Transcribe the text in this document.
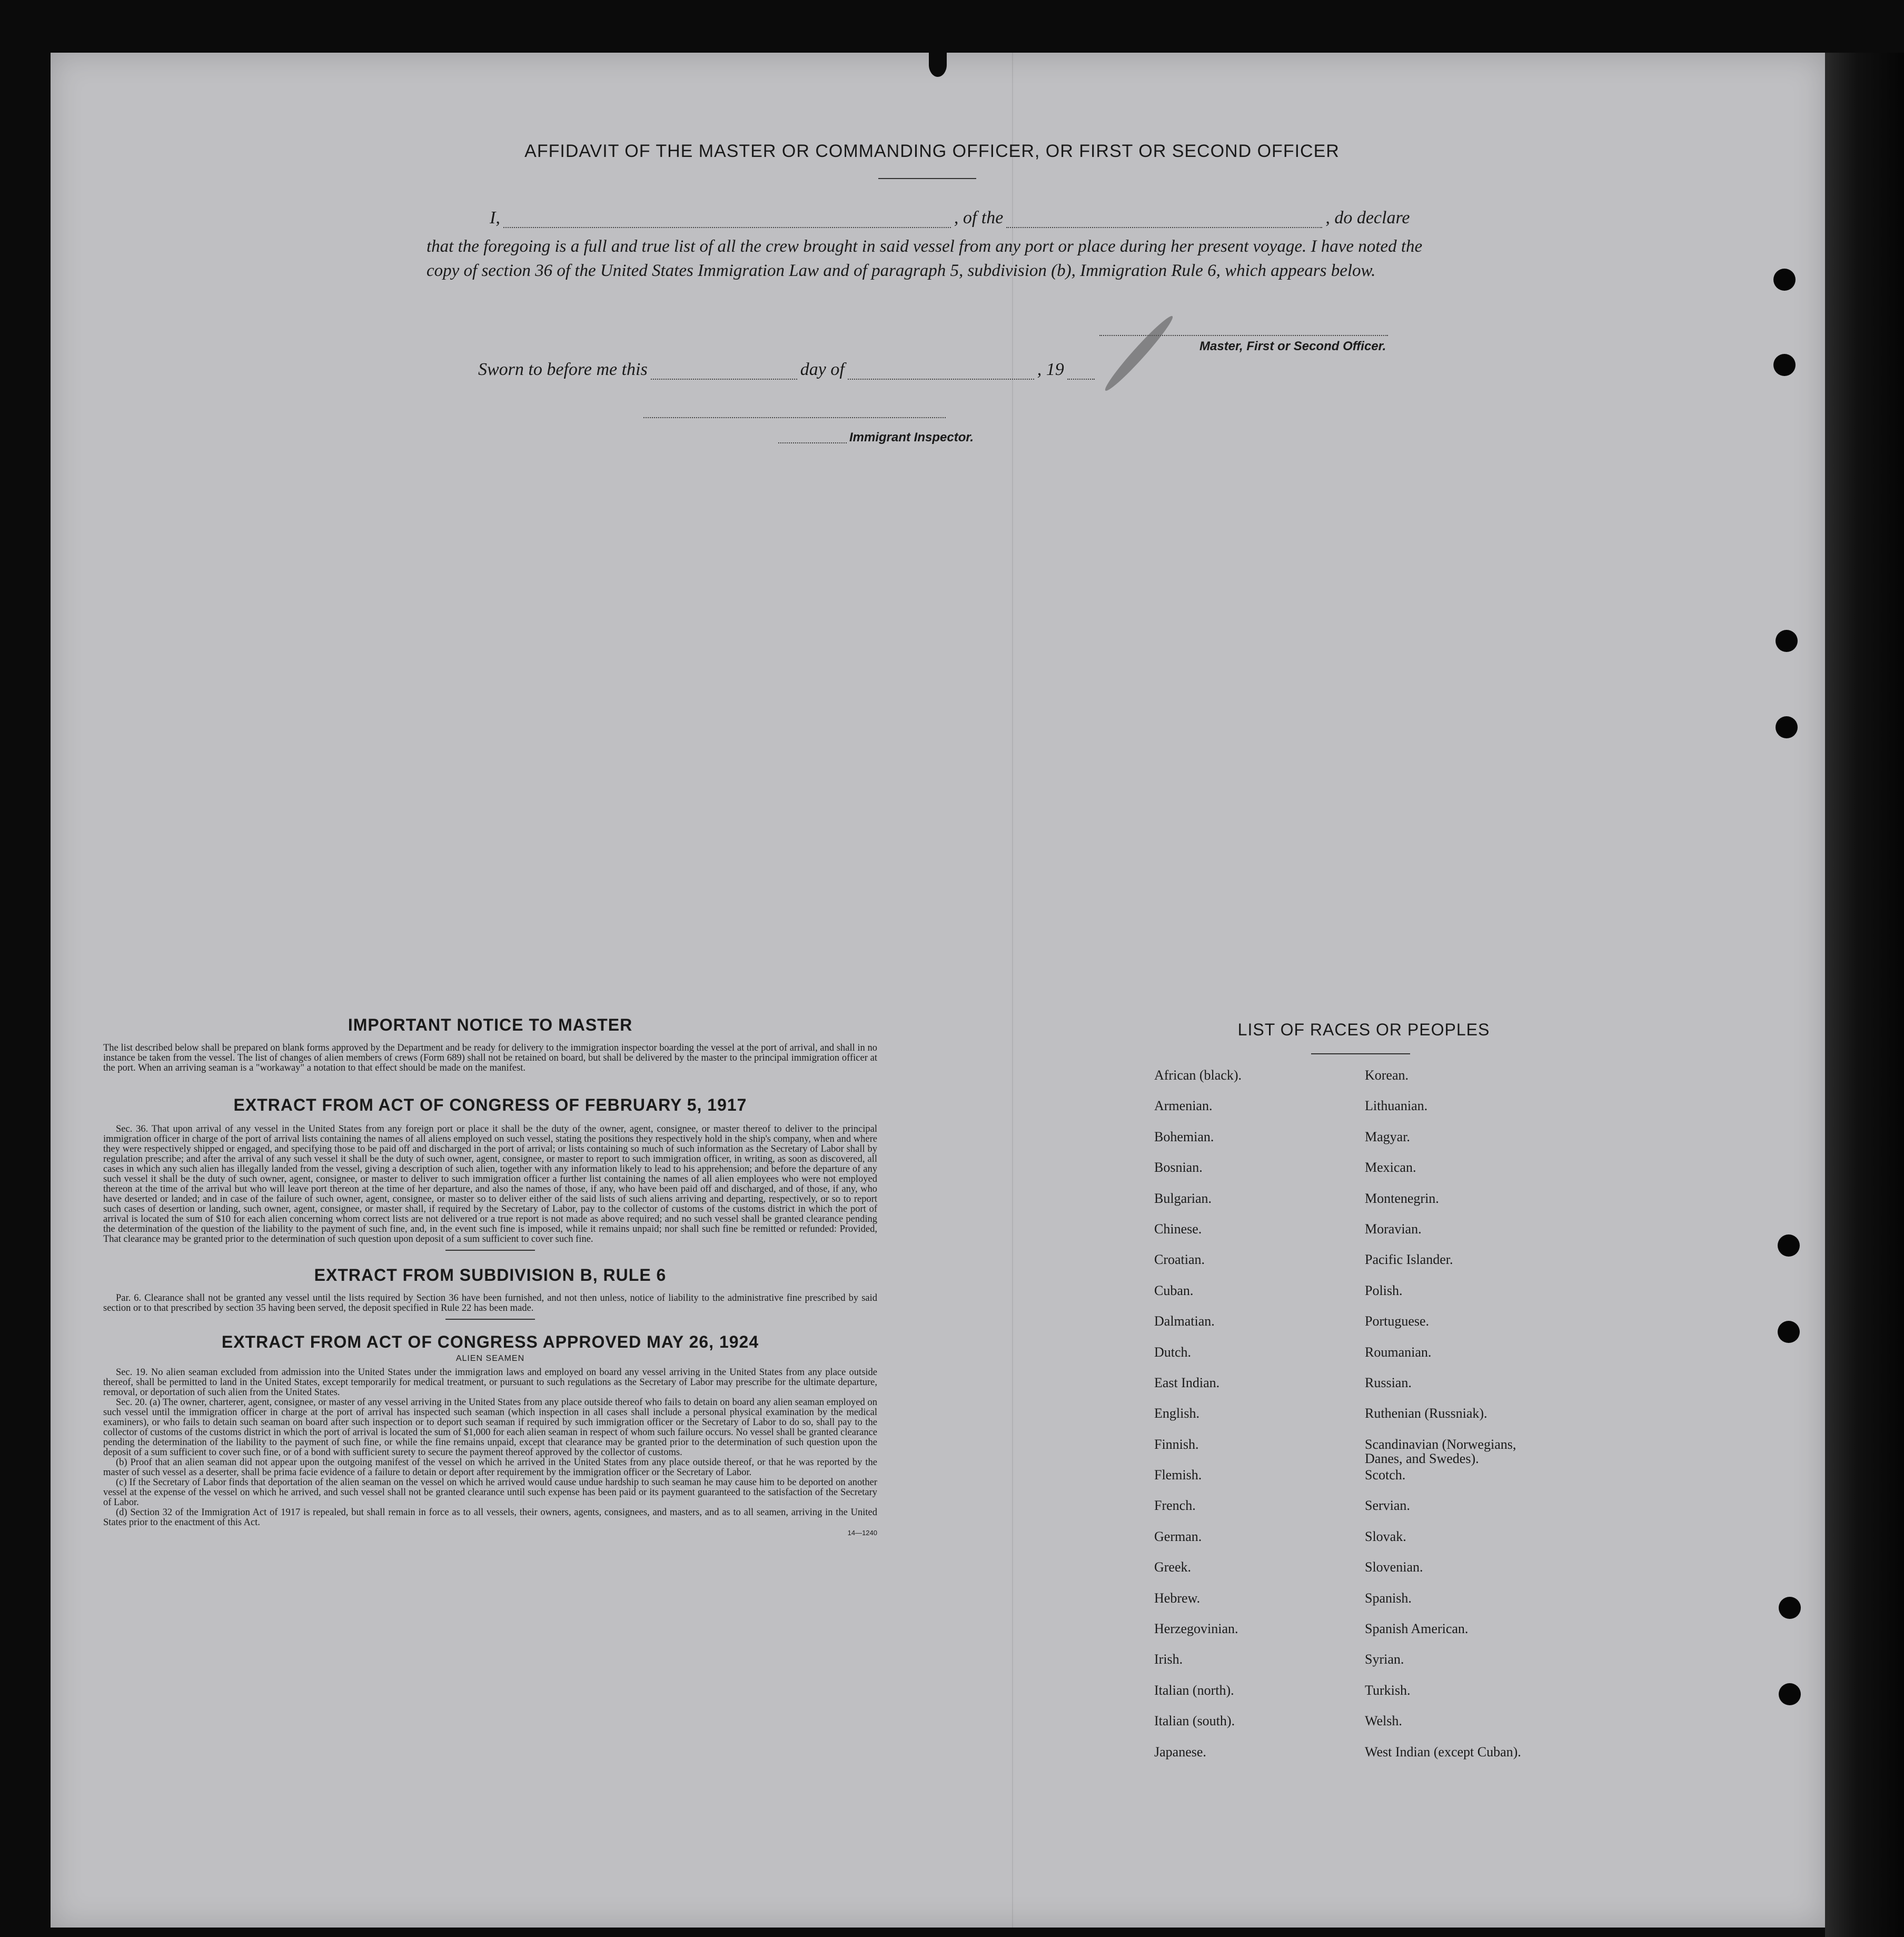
AFFIDAVIT OF THE MASTER OR COMMANDING OFFICER, OR FIRST OR SECOND OFFICER
I,	, of the	, do declare
that the foregoing is a full and true list of all the crew brought in said vessel from any port or place during her present voyage. I have noted the copy of section 36 of the United States Immigration Law and of paragraph 5, subdivision (b), Immigration Rule 6, which appears below.
Master, First or Second Officer.
Sworn to before me this	day of	, 19
Immigrant Inspector.
IMPORTANT NOTICE TO MASTER

The list described below shall be prepared on blank forms approved by the Department and be ready for delivery to the immigration inspector boarding the vessel at the port of arrival, and shall in no instance be taken from the vessel. The list of changes of alien members of crews (Form 689) shall not be retained on board, but shall be delivered by the master to the principal immigration officer at the port. When an arriving seaman is a "workaway" a notation to that effect should be made on the manifest.

EXTRACT FROM ACT OF CONGRESS OF FEBRUARY 5, 1917

Sec. 36. That upon arrival of any vessel in the United States from any foreign port or place it shall be the duty of the owner, agent, consignee, or master thereof to deliver to the principal immigration officer in charge of the port of arrival lists containing the names of all aliens employed on such vessel, stating the positions they respectively hold in the ship's company, when and where they were respectively shipped or engaged, and specifying those to be paid off and discharged in the port of arrival; or lists containing so much of such information as the Secretary of Labor shall by regulation prescribe; and after the arrival of any such vessel it shall be the duty of such owner, agent, consignee, or master to report to such immigration officer, in writing, as soon as discovered, all cases in which any such alien has illegally landed from the vessel, giving a description of such alien, together with any information likely to lead to his apprehension; and before the departure of any such vessel it shall be the duty of such owner, agent, consignee, or master to deliver to such immigration officer a further list containing the names of all alien employees who were not employed thereon at the time of the arrival but who will leave port thereon at the time of her departure, and also the names of those, if any, who have been paid off and discharged, and of those, if any, who have deserted or landed; and in case of the failure of such owner, agent, consignee, or master so to deliver either of the said lists of such aliens arriving and departing, respectively, or so to report such cases of desertion or landing, such owner, agent, consignee, or master shall, if required by the Secretary of Labor, pay to the collector of customs of the customs district in which the port of arrival is located the sum of $10 for each alien concerning whom correct lists are not delivered or a true report is not made as above required; and no such vessel shall be granted clearance pending the determination of the question of the liability to the payment of such fine, and, in the event such fine is imposed, while it remains unpaid; nor shall such fine be remitted or refunded: Provided, That clearance may be granted prior to the determination of such question upon deposit of a sum sufficient to cover such fine.

EXTRACT FROM SUBDIVISION B, RULE 6

Par. 6. Clearance shall not be granted any vessel until the lists required by Section 36 have been furnished, and not then unless, notice of liability to the administrative fine prescribed by said section or to that prescribed by section 35 having been served, the deposit specified in Rule 22 has been made.

EXTRACT FROM ACT OF CONGRESS APPROVED MAY 26, 1924
ALIEN SEAMEN

Sec. 19. No alien seaman excluded from admission into the United States under the immigration laws and employed on board any vessel arriving in the United States from any place outside thereof, shall be permitted to land in the United States, except temporarily for medical treatment, or pursuant to such regulations as the Secretary of Labor may prescribe for the ultimate departure, removal, or deportation of such alien from the United States.

Sec. 20. (a) The owner, charterer, agent, consignee, or master of any vessel arriving in the United States from any place outside thereof who fails to detain on board any alien seaman employed on such vessel until the immigration officer in charge at the port of arrival has inspected such seaman (which inspection in all cases shall include a personal physical examination by the medical examiners), or who fails to detain such seaman on board after such inspection or to deport such seaman if required by such immigration officer or the Secretary of Labor to do so, shall pay to the collector of customs of the customs district in which the port of arrival is located the sum of $1,000 for each alien seaman in respect of whom such failure occurs. No vessel shall be granted clearance pending the determination of the liability to the payment of such fine, or while the fine remains unpaid, except that clearance may be granted prior to the determination of such question upon the deposit of a sum sufficient to cover such fine, or of a bond with sufficient surety to secure the payment thereof approved by the collector of customs.

(b) Proof that an alien seaman did not appear upon the outgoing manifest of the vessel on which he arrived in the United States from any place outside thereof, or that he was reported by the master of such vessel as a deserter, shall be prima facie evidence of a failure to detain or deport after requirement by the immigration officer or the Secretary of Labor.

(c) If the Secretary of Labor finds that deportation of the alien seaman on the vessel on which he arrived would cause undue hardship to such seaman he may cause him to be deported on another vessel at the expense of the vessel on which he arrived, and such vessel shall not be granted clearance until such expense has been paid or its payment guaranteed to the satisfaction of the Secretary of Labor.

(d) Section 32 of the Immigration Act of 1917 is repealed, but shall remain in force as to all vessels, their owners, agents, consignees, and masters, and as to all seamen, arriving in the United States prior to the enactment of this Act.

14—1240
LIST OF RACES OR PEOPLES
African (black).	Korean.
Armenian.	Lithuanian.
Bohemian.	Magyar.
Bosnian.	Mexican.
Bulgarian.	Montenegrin.
Chinese.	Moravian.
Croatian.	Pacific Islander.
Cuban.	Polish.
Dalmatian.	Portuguese.
Dutch.	Roumanian.
East Indian.	Russian.
English.	Ruthenian (Russniak).
Finnish.	Scandinavian (Norwegians,
Danes, and Swedes).
Flemish.	Scotch.
French.	Servian.
German.	Slovak.
Greek.	Slovenian.
Hebrew.	Spanish.
Herzegovinian.	Spanish American.
Irish.	Syrian.
Italian (north).	Turkish.
Italian (south).	Welsh.
Japanese.	West Indian (except Cuban).
